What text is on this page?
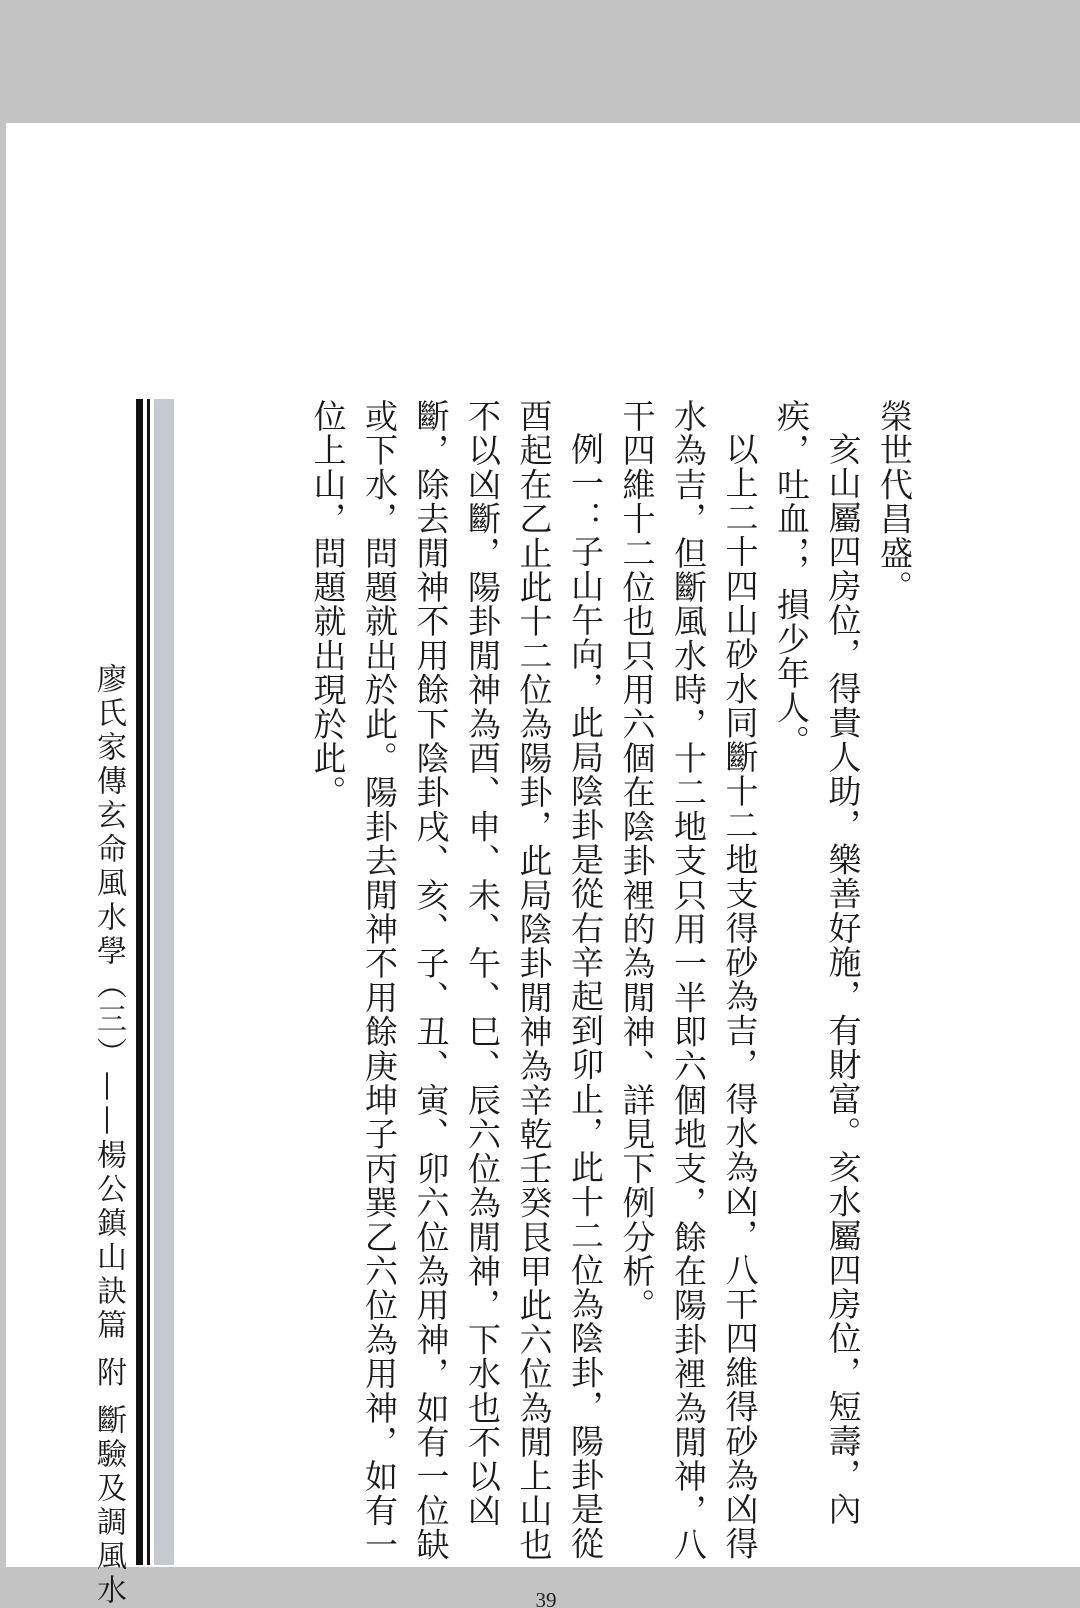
廖氏家傳玄命風水學（三）——楊公鎮山訣篇 附 斷驗及調風水

榮世代昌盛。

亥山屬四房位，得貴人助，樂善好施，有財富。亥水屬四房位，短壽，內疾，吐血，，損少年人。

以上二十四山砂水同斷十二地支得砂為吉，得水為凶，八干四維得砂為凶得水為吉，但斷風水時，十二地支只用一半即六個地支，餘在陽卦裡為閒神，八干四維十二位也只用六個在陰卦裡的為閒神、詳見下例分析。

例一：子山午向，此局陰卦是從右辛起到卯止，此十二位為陰卦，陽卦是從酉起在乙止此十二位為陽卦，此局陰卦閒神為辛乾壬癸艮甲此六位為閒上山也不以凶斷，陽卦閒神為酉、申、未、午、巳、辰六位為閒神，下水也不以凶斷，除去閒神不用餘下陰卦戌、亥、子、丑、寅、卯六位為用神，如有一位缺或下水，問題就出於此。陽卦去閒神不用餘庚坤子丙巽乙六位為用神，如有一位上山，問題就出現於此。

39
